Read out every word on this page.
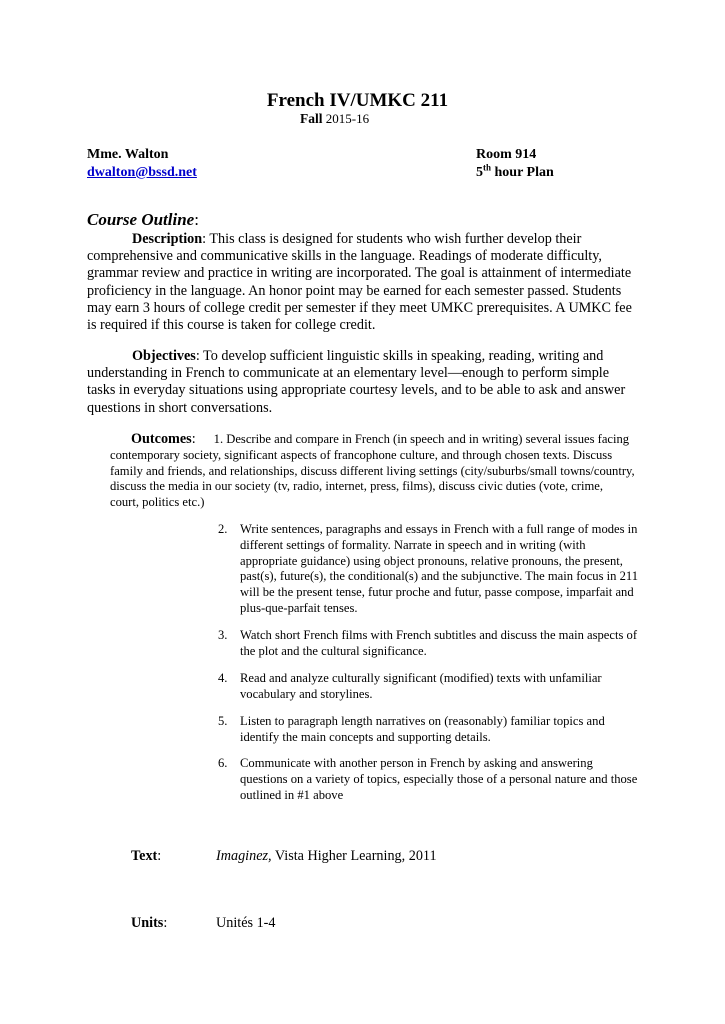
French IV/UMKC 211
Fall 2015-16
Mme. Walton
dwalton@bssd.net
Room 914
5th hour Plan
Course Outline:
Description: This class is designed for students who wish further develop their comprehensive and communicative skills in the language. Readings of moderate difficulty, grammar review and practice in writing are incorporated. The goal is attainment of intermediate proficiency in the language. An honor point may be earned for each semester passed. Students may earn 3 hours of college credit per semester if they meet UMKC prerequisites. A UMKC fee is required if this course is taken for college credit.
Objectives: To develop sufficient linguistic skills in speaking, reading, writing and understanding in French to communicate at an elementary level—enough to perform simple tasks in everyday situations using appropriate courtesy levels, and to be able to ask and answer questions in short conversations.
Outcomes: 1. Describe and compare in French (in speech and in writing) several issues facing contemporary society, significant aspects of francophone culture, and through chosen texts. Discuss family and friends, and relationships, discuss different living settings (city/suburbs/small towns/country, discuss the media in our society (tv, radio, internet, press, films), discuss civic duties (vote, crime, court, politics etc.)
2. Write sentences, paragraphs and essays in French with a full range of modes in different settings of formality. Narrate in speech and in writing (with appropriate guidance) using object pronouns, relative pronouns, the present, past(s), future(s), the conditional(s) and the subjunctive. The main focus in 211 will be the present tense, futur proche and futur, passe compose, imparfait and plus-que-parfait tenses.
3. Watch short French films with French subtitles and discuss the main aspects of the plot and the cultural significance.
4. Read and analyze culturally significant (modified) texts with unfamiliar vocabulary and storylines.
5. Listen to paragraph length narratives on (reasonably) familiar topics and identify the main concepts and supporting details.
6. Communicate with another person in French by asking and answering questions on a variety of topics, especially those of a personal nature and those outlined in #1 above
Text:	Imaginez, Vista Higher Learning, 2011
Units:	Unités 1-4
